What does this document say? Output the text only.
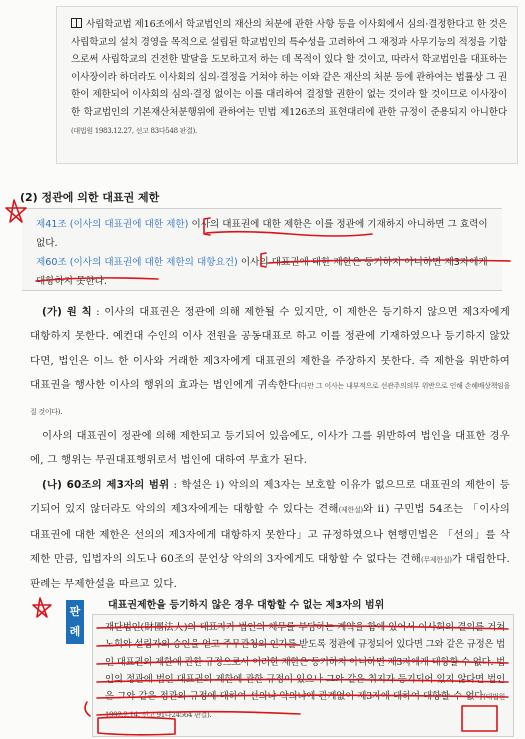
사립학교법 제16조에서 학교법인의 재산의 처분에 관한 사항 등을 이사회에서 심의·결정한다고 한 것은 사립학교의 설치 경영을 목적으로 설립된 학교법인의 특수성을 고려하여 그 재정과 사무기능의 적정을 기함으로써 사립학교의 건전한 발달을 도모하고저 하는 데 목적이 있다 할 것이고, 따라서 학교법인을 대표하는 이사장이라 하더라도 이사회의 심의·결정을 거쳐야 하는 이와 같은 재산의 처분 등에 관하여는 법률상 그 권한이 제한되어 이사회의 심의·결정 없이는 이를 대리하여 결정할 권한이 없는 것이라 할 것이므로 이사장이 한 학교법인의 기본재산처분행위에 관하여는 민법 제126조의 표현대리에 관한 규정이 준용되지 아니한다(대법원 1983.12.27, 선고 83다548 판결).
(2) 정관에 의한 대표권 제한
제41조 (이사의 대표권에 대한 제한) 이사의 대표권에 대한 제한은 이를 정관에 기재하지 아니하면 그 효력이 없다.
제60조 (이사의 대표권에 대한 제한의 대항요건) 이사의 대표권에 대한 제한은 등기하지 아니하면 제3자에게 대항하지 못한다.

(가) 원 칙 : 이사의 대표권은 정관에 의해 제한될 수 있지만, 이 제한은 등기하지 않으면 제3자에게 대항하지 못한다. 예컨대 수인의 이사 전원을 공동대표로 하고 이를 정관에 기재하였으나 등기하지 않았다면, 법인은 이느 한 이사와 거래한 제3자에게 대표권의 제한을 주장하지 못한다. 즉 제한을 위반하여 대표권을 행사한 이사의 행위의 효과는 법인에게 귀속한다(다만 그 이사는 내부적으로 선관주의의무 위반으로 인해 손해배상책임을 질 것이다).

이사의 대표권이 정관에 의해 제한되고 등기되어 있음에도, 이사가 그를 위반하여 법인을 대표한 경우에, 그 행위는 무권대표행위로서 법인에 대하여 무효가 된다.

(나) 60조의 제3자의 범위 : 학설은 ⅰ) 악의의 제3자는 보호할 이유가 없으므로 대표권의 제한이 등기되어 있지 않더라도 악의의 제3자에게는 대항할 수 있다는 견해(제한설)와 ⅱ) 구민법 54조는 「이사의 대표권에 대한 제한은 선의의 제3자에게 대항하지 못한다」고 규정하였으나 현행민법은 「선의」를 삭제한 만큼, 입법자의 의도나 60조의 문언상 악의의 3자에게도 대항할 수 없다는 견해(무제한설)가 대립한다. 판례는 무제한설을 따르고 있다.

판
례
대표권제한을 등기하지 않은 경우 대항할 수 없는 제3자의 범위
재단법인(財團法人)의 대표자가 법인의 채무를 부담하는 계약을 함에 있어서 이사회의 결의를 거쳐 노회와 설립자의 승인을 얻고 주무관청의 인가를 받도록 정관에 규정되어 있다면 그와 같은 규정은 법인 대표권의 제한에 관한 규정으로서 이러한 제한은 등기하지 아니하면 제3자에게 대항할 수 없다. 법인의 정관에 법인 대표권의 제한에 관한 규정이 있으나 그와 같은 취지가 등기되어 있지 않다면 법인은 그와 같은 정관의 규정에 대하여 선의냐 악의냐에 관계없이 제3자에 대하여 대항할 수 없다(대법원 1992.2.14, 선고 91다24564 판결).
